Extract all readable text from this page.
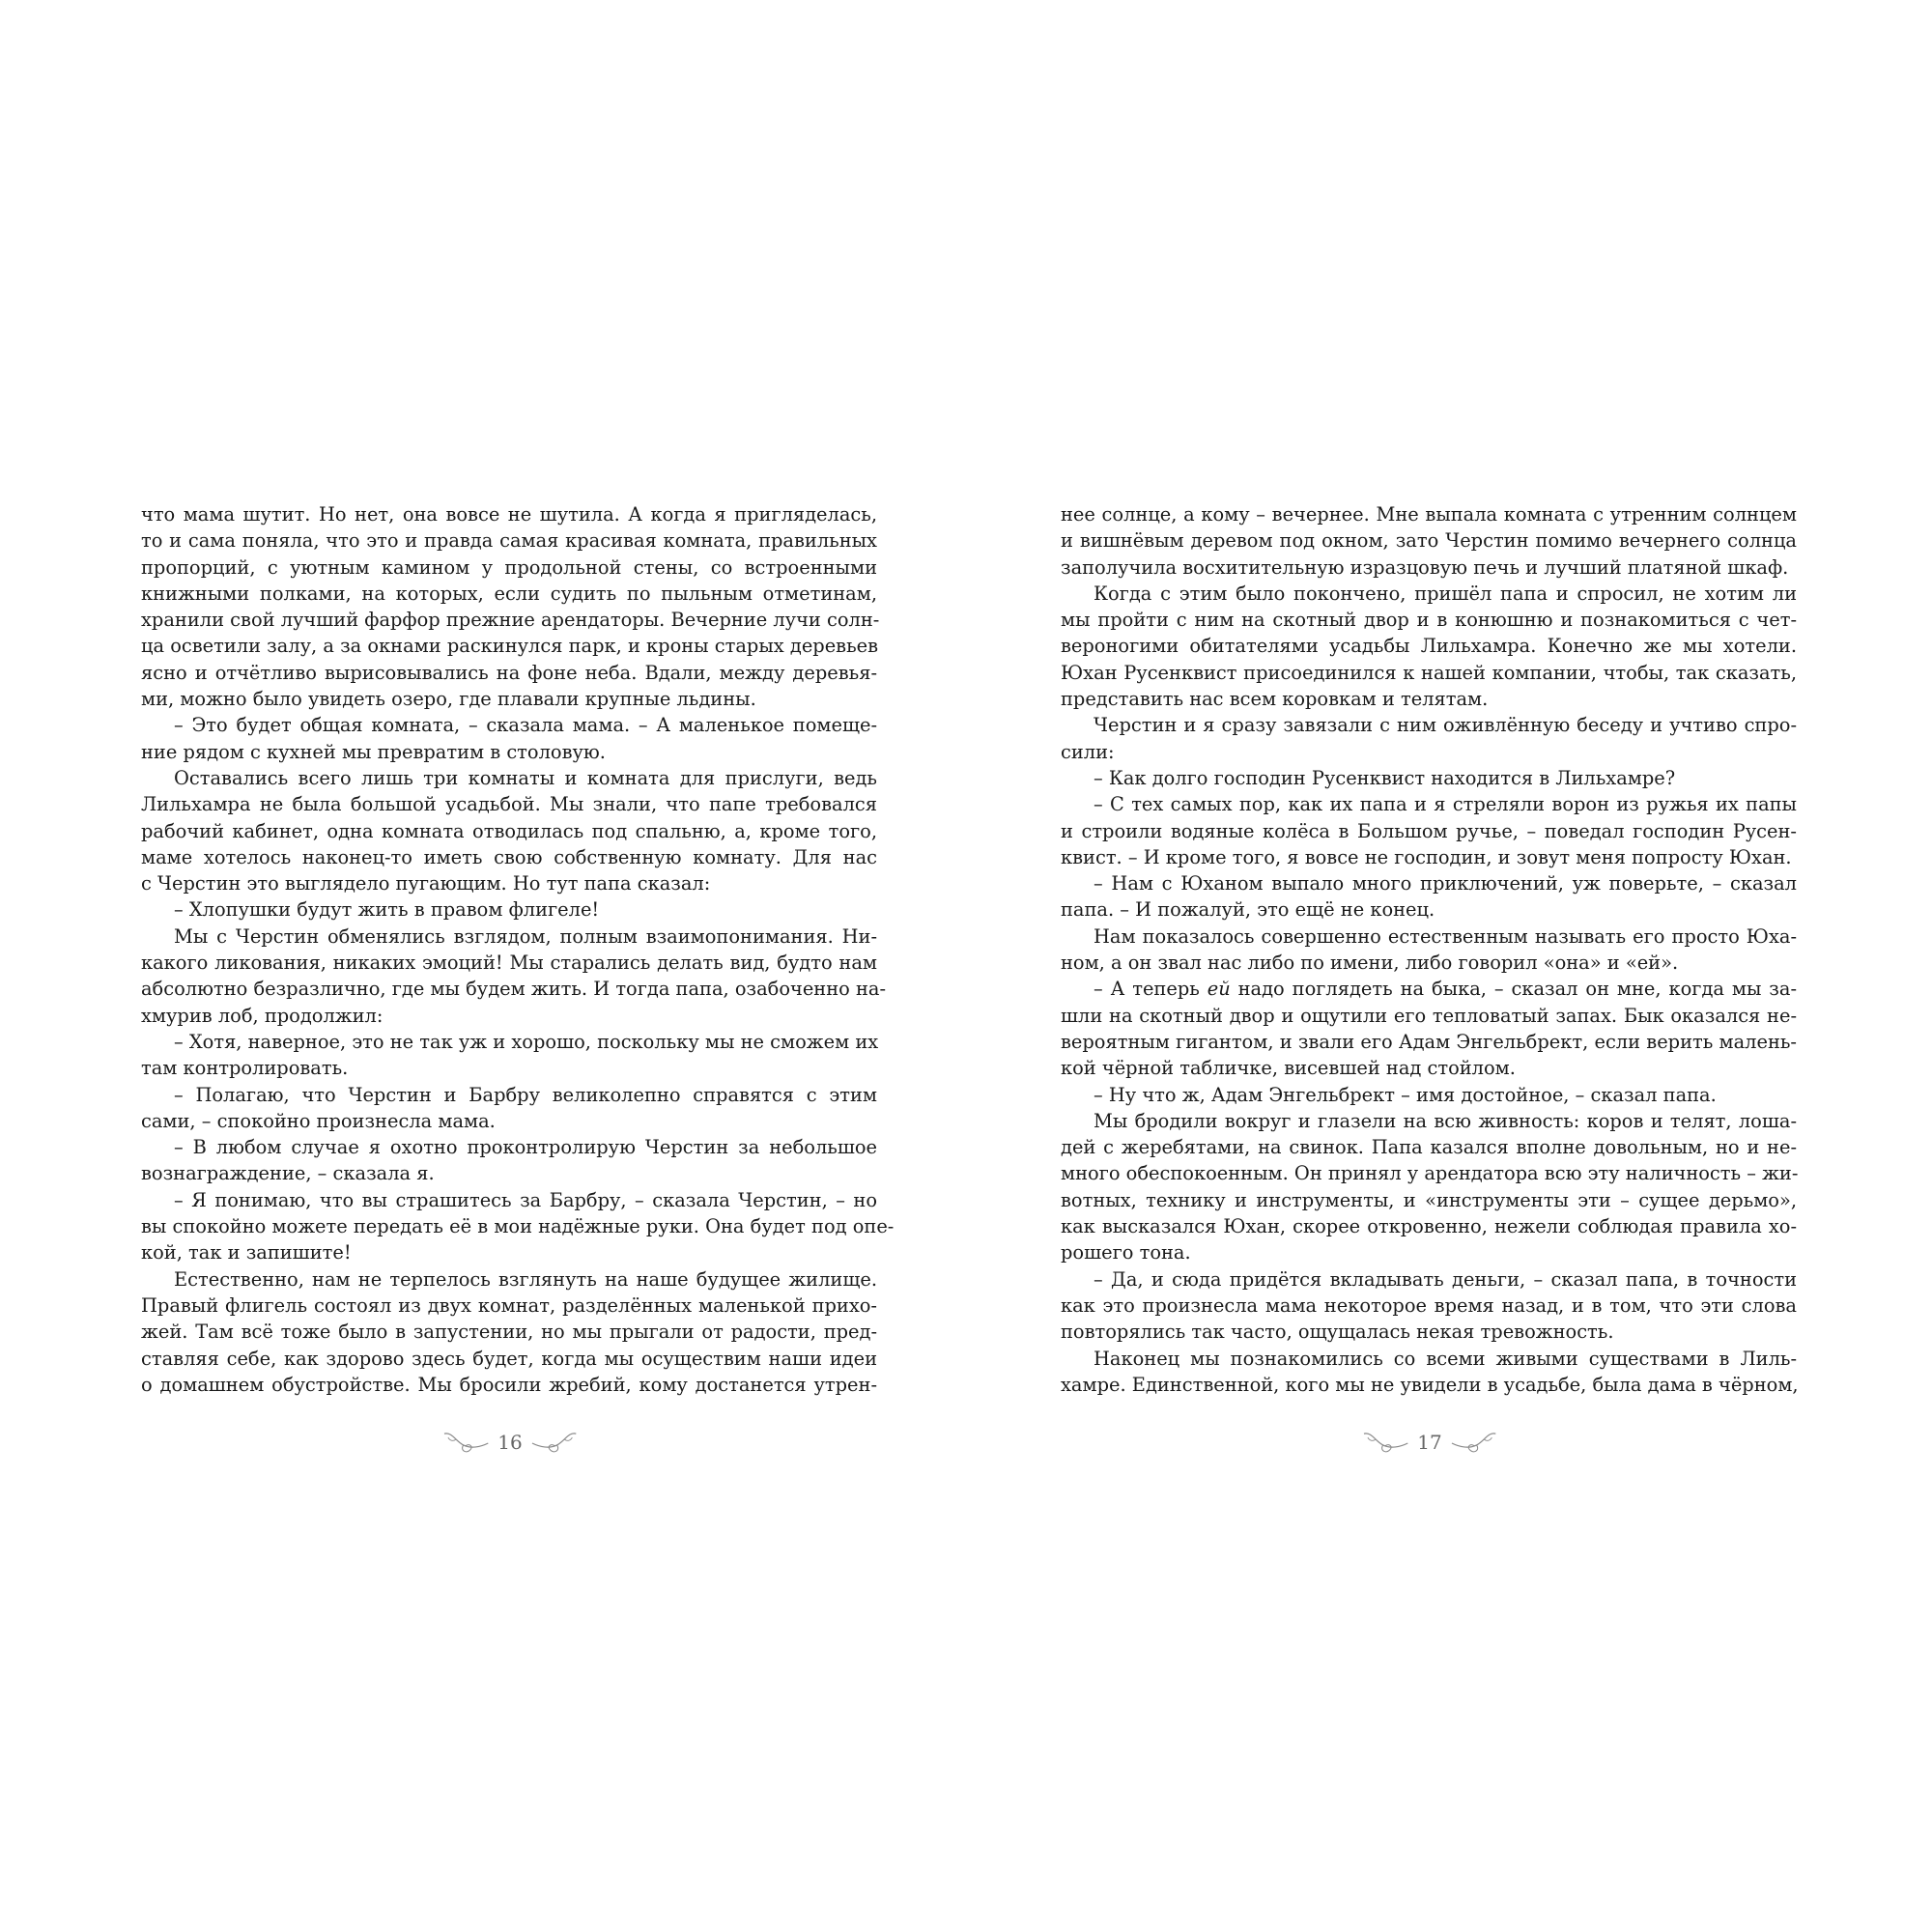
что мама шутит. Но нет, она вовсе не шутила. А когда я пригляделась,
то и сама поняла, что это и правда самая красивая комната, правильных
пропорций, с уютным камином у продольной стены, со встроенными
книжными полками, на которых, если судить по пыльным отметинам,
хранили свой лучший фарфор прежние арендаторы. Вечерние лучи солн-
ца осветили залу, а за окнами раскинулся парк, и кроны старых деревьев
ясно и отчётливо вырисовывались на фоне неба. Вдали, между деревья-
ми, можно было увидеть озеро, где плавали крупные льдины.
– Это будет общая комната, – сказала мама. – А маленькое помеще-
ние рядом с кухней мы превратим в столовую.
Оставались всего лишь три комнаты и комната для прислуги, ведь
Лильхамра не была большой усадьбой. Мы знали, что папе требовался
рабочий кабинет, одна комната отводилась под спальню, а, кроме того,
маме хотелось наконец-то иметь свою собственную комнату. Для нас
с Черстин это выглядело пугающим. Но тут папа сказал:
– Хлопушки будут жить в правом флигеле!
Мы с Черстин обменялись взглядом, полным взаимопонимания. Ни-
какого ликования, никаких эмоций! Мы старались делать вид, будто нам
абсолютно безразлично, где мы будем жить. И тогда папа, озабоченно на-
хмурив лоб, продолжил:
– Хотя, наверное, это не так уж и хорошо, поскольку мы не сможем их
там контролировать.
– Полагаю, что Черстин и Барбру великолепно справятся с этим
сами, – спокойно произнесла мама.
– В любом случае я охотно проконтролирую Черстин за небольшое
вознаграждение, – сказала я.
– Я понимаю, что вы страшитесь за Барбру, – сказала Черстин, – но
вы спокойно можете передать её в мои надёжные руки. Она будет под опе-
кой, так и запишите!
Естественно, нам не терпелось взглянуть на наше будущее жилище.
Правый флигель состоял из двух комнат, разделённых маленькой прихо-
жей. Там всё тоже было в запустении, но мы прыгали от радости, пред-
ставляя себе, как здорово здесь будет, когда мы осуществим наши идеи
о домашнем обустройстве. Мы бросили жребий, кому достанется утрен-
нее солнце, а кому – вечернее. Мне выпала комната с утренним солнцем
и вишнёвым деревом под окном, зато Черстин помимо вечернего солнца
заполучила восхитительную изразцовую печь и лучший платяной шкаф.
Когда с этим было покончено, пришёл папа и спросил, не хотим ли
мы пройти с ним на скотный двор и в конюшню и познакомиться с чет-
вероногими обитателями усадьбы Лильхамра. Конечно же мы хотели.
Юхан Русенквист присоединился к нашей компании, чтобы, так сказать,
представить нас всем коровкам и телятам.
Черстин и я сразу завязали с ним оживлённую беседу и учтиво спро-
сили:
– Как долго господин Русенквист находится в Лильхамре?
– С тех самых пор, как их папа и я стреляли ворон из ружья их папы
и строили водяные колёса в Большом ручье, – поведал господин Русен-
квист. – И кроме того, я вовсе не господин, и зовут меня попросту Юхан.
– Нам с Юханом выпало много приключений, уж поверьте, – сказал
папа. – И пожалуй, это ещё не конец.
Нам показалось совершенно естественным называть его просто Юха-
ном, а он звал нас либо по имени, либо говорил «она» и «ей».
– А теперь ей надо поглядеть на быка, – сказал он мне, когда мы за-
шли на скотный двор и ощутили его тепловатый запах. Бык оказался не-
вероятным гигантом, и звали его Адам Энгельбрект, если верить малень-
кой чёрной табличке, висевшей над стойлом.
– Ну что ж, Адам Энгельбрект – имя достойное, – сказал папа.
Мы бродили вокруг и глазели на всю живность: коров и телят, лоша-
дей с жеребятами, на свинок. Папа казался вполне довольным, но и не-
много обеспокоенным. Он принял у арендатора всю эту наличность – жи-
вотных, технику и инструменты, и «инструменты эти – сущее дерьмо»,
как высказался Юхан, скорее откровенно, нежели соблюдая правила хо-
рошего тона.
– Да, и сюда придётся вкладывать деньги, – сказал папа, в точности
как это произнесла мама некоторое время назад, и в том, что эти слова
повторялись так часто, ощущалась некая тревожность.
Наконец мы познакомились со всеми живыми существами в Лиль-
хамре. Единственной, кого мы не увидели в усадьбе, была дама в чёрном,
16	17
